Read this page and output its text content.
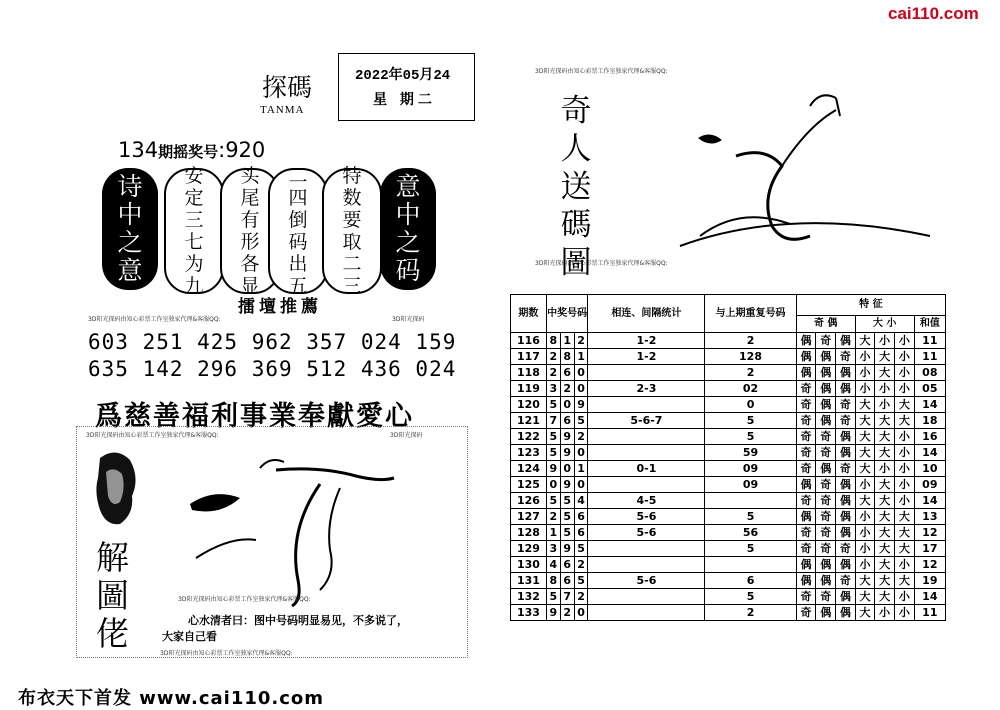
cai110.com
探碼
TANMA
2022年05月24
星 期二
134期摇奖号:920
诗
中
之
意
安
定
三
七
为
九
头
尾
有
形
各
显
二
四
倒
码
出
五
特
数
要
取
二
三
意
中
之
码
擂壇推薦
3D阳光探码由知心彩票工作室独家代理&客服QQ:	3D阳光探码
603 251 425 962 357 024 159
635 142 296 369 512 436 024
爲慈善福利事業奉獻愛心
3D阳光探码由知心彩票工作室独家代理&客服QQ:	3D阳光探码
解
圖
佬	心水清者曰：图中号码明显易见，不多说了，
大家自己看
3D阳光探码由知心彩票工作室独家代理&客服QQ:
3D阳光探码由知心彩票工作室独家代理&客服QQ:
3D阳光探码由知心彩票工作室独家代理&客服QQ:
3D阳光探码由知心彩票工作室独家代理&客服QQ:
奇
人
送
碼
圖
期数	中奖号码			相连、间隔统计	与上期重复号码	特 征						
						奇 偶			大 小			和值
116	8	1	2	1-2	2	偶	奇	偶	大	小	小	11
117	2	8	1	1-2	128	偶	偶	奇	小	大	小	11
118	2	6	0		2	偶	偶	偶	小	大	小	08
119	3	2	0	2-3	02	奇	偶	偶	小	小	小	05
120	5	0	9		0	奇	偶	奇	大	小	大	14
121	7	6	5	5-6-7	5	奇	偶	奇	大	大	大	18
122	5	9	2		5	奇	奇	偶	大	大	小	16
123	5	9	0		59	奇	奇	偶	大	大	小	14
124	9	0	1	0-1	09	奇	偶	奇	大	小	小	10
125	0	9	0		09	偶	奇	偶	小	大	小	09
126	5	5	4	4-5		奇	奇	偶	大	大	小	14
127	2	5	6	5-6	5	偶	奇	偶	小	大	大	13
128	1	5	6	5-6	56	奇	奇	偶	小	大	大	12
129	3	9	5		5	奇	奇	奇	小	大	大	17
130	4	6	2			偶	偶	偶	小	大	小	12
131	8	6	5	5-6	6	偶	偶	奇	大	大	大	19
132	5	7	2		5	奇	奇	偶	大	大	小	14
133	9	2	0		2	奇	偶	偶	大	小	小	11
布衣天下首发 www.cai110.com
